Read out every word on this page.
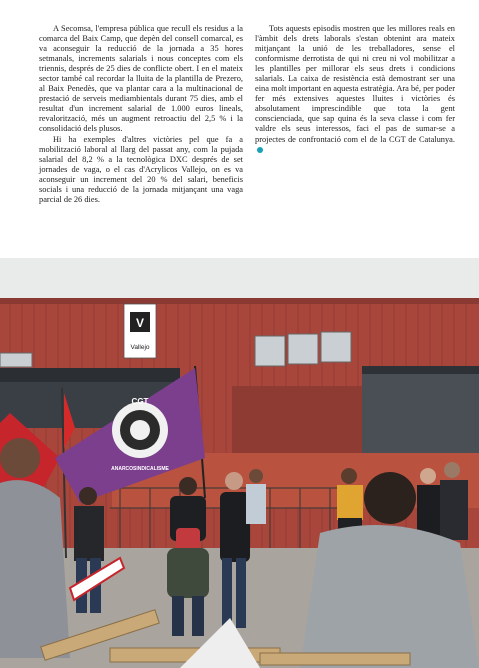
A Secomsa, l'empresa pública que recull els residus a la comarca del Baix Camp, que depèn del consell comarcal, es va aconseguir la reducció de la jornada a 35 hores setmanals, increments salarials i nous conceptes com els triennis, després de 25 dies de conflicte obert. I en el mateix sector també cal recordar la lluita de la plantilla de Prezero, al Baix Penedès, que va plantar cara a la multinacional de prestació de serveis mediambientals durant 75 dies, amb el resultat d'un increment salarial de 1.000 euros lineals, revalorització, més un augment retroactiu del 2,5 % i la consolidació dels plusos.

Hi ha exemples d'altres victòries pel que fa a mobilització laboral al llarg del passat any, com la pujada salarial del 8,2 % a la tecnològica DXC després de set jornades de vaga, o el cas d'Acrylicos Vallejo, on es va aconseguir un increment del 20 % del salari, beneficis socials i una reducció de la jornada mitjançant una vaga parcial de 26 dies.

Tots aquests episodis mostren que les millores reals en l'àmbit dels drets laborals s'estan obtenint ara mateix mitjançant la unió de les treballadores, sense el conformisme derrotista de qui ni creu ni vol mobilitzar a les plantilles per millorar els seus drets i condicions salarials. La caixa de resistència està demostrant ser una eina molt important en aquesta estratègia. Ara bé, per poder fer més extensives aquestes lluites i victòries és absolutament imprescindible que tota la gent conscienciada, que sap quina és la seva classe i com fer valdre els seus interessos, faci el pas de sumar-se a projectes de confrontació com el de la CGT de Catalunya.

V
Vallejo
CGT
ANARCOSINDICALISME
